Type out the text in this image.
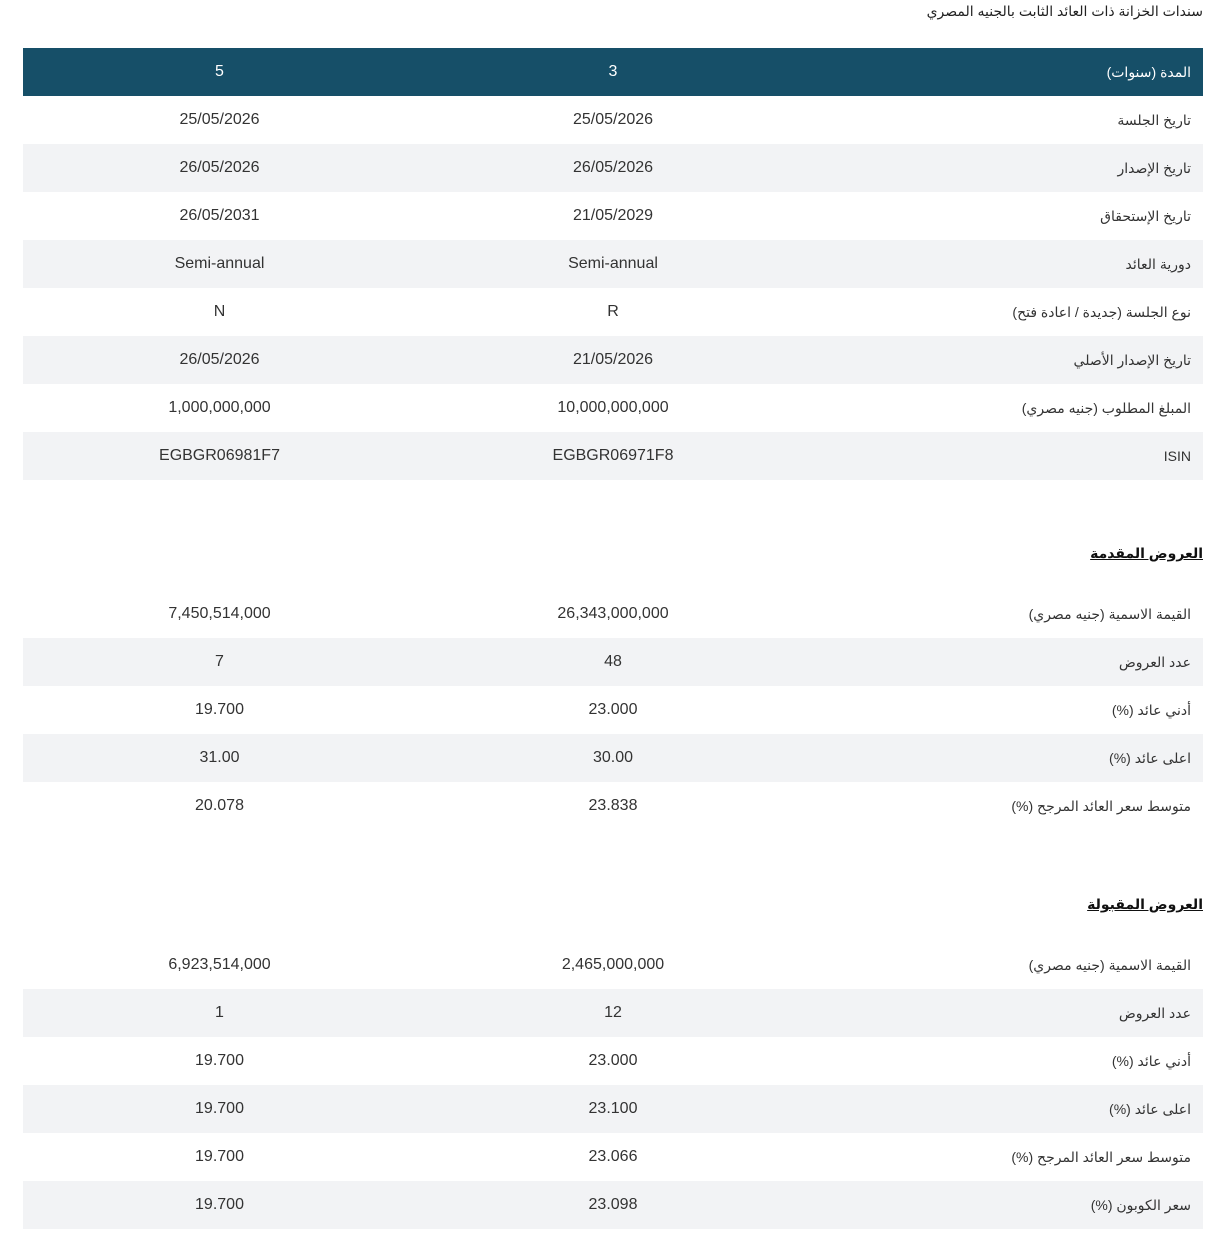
سندات الخزانة ذات العائد الثابت بالجنيه المصري
5	3	المدة (سنوات)
25/05/2026	25/05/2026	تاريخ الجلسة
26/05/2026	26/05/2026	تاريخ الإصدار
26/05/2031	21/05/2029	تاريخ الإستحقاق
Semi-annual	Semi-annual	دورية العائد
N	R	نوع الجلسة (جديدة / اعادة فتح)
26/05/2026	21/05/2026	تاريخ الإصدار الأصلي
1,000,000,000	10,000,000,000	المبلغ المطلوب (جنيه مصري)
EGBGR06981F7	EGBGR06971F8	ISIN
العروض المقدمة
7,450,514,000	26,343,000,000	القيمة الاسمية (جنيه مصري)
7	48	عدد العروض
19.700	23.000	أدني عائد (%)
31.00	30.00	اعلى عائد (%)
20.078	23.838	متوسط سعر العائد المرجح (%)
العروض المقبولة
6,923,514,000	2,465,000,000	القيمة الاسمية (جنيه مصري)
1	12	عدد العروض
19.700	23.000	أدني عائد (%)
19.700	23.100	اعلى عائد (%)
19.700	23.066	متوسط سعر العائد المرجح (%)
19.700	23.098	سعر الكوبون (%)
